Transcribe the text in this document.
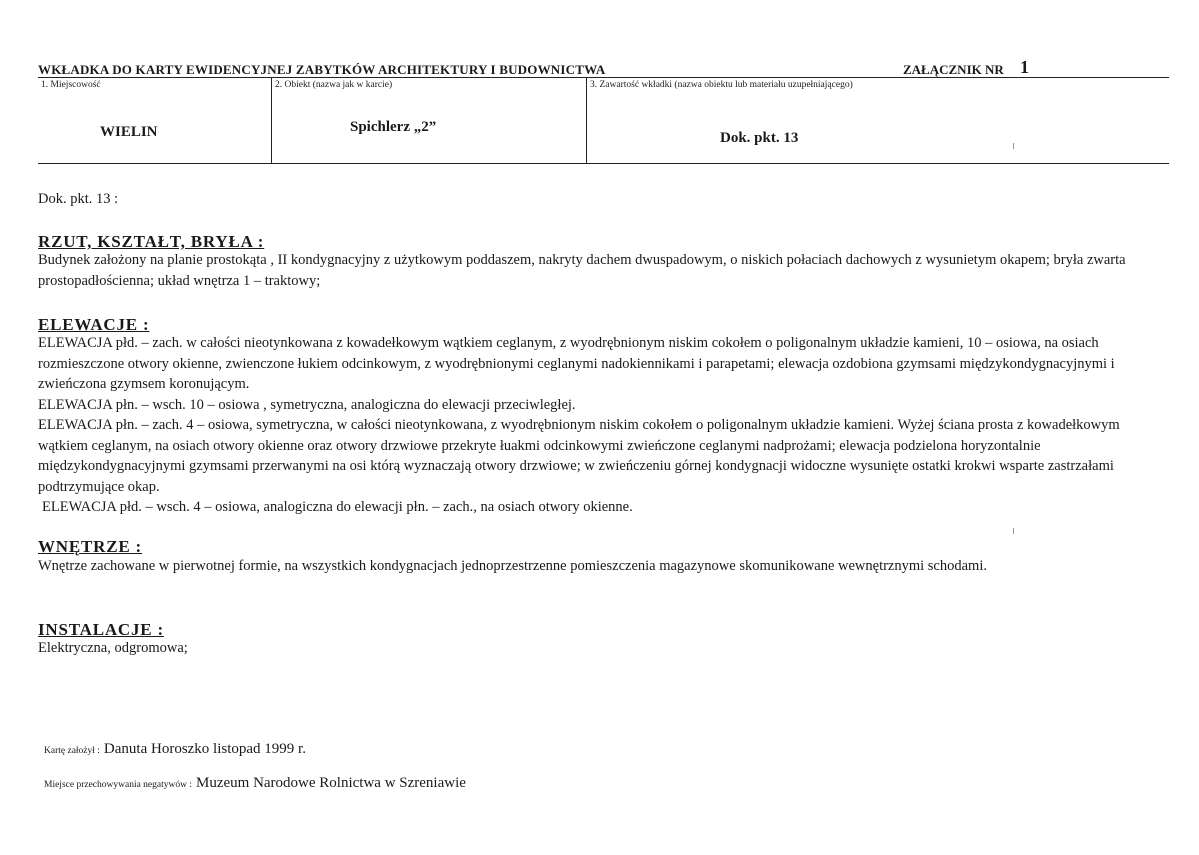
WKŁADKA DO KARTY EWIDENCYJNEJ ZABYTKÓW ARCHITEKTURY I BUDOWNICTWA	ZAŁĄCZNIK NR 1
1. Miejscowość
WIELIN
2. Obiekt (nazwa jak w karcie)
Spichlerz „2”
3. Zawartość wkładki (nazwa obiektu lub materiału uzupełniającego)
Dok. pkt. 13
Dok. pkt. 13 :
RZUT, KSZTAŁT, BRYŁA :

Budynek założony na planie prostokąta , II kondygnacyjny z użytkowym poddaszem, nakryty dachem dwuspadowym, o niskich połaciach dachowych z wysunietym okapem; bryła zwarta prostopadłościenna; układ wnętrza 1 – traktowy;

ELEWACJE :

ELEWACJA płd. – zach. w całości nieotynkowana z kowadełkowym wątkiem ceglanym, z wyodrębnionym niskim cokołem o poligonalnym układzie kamieni, 10 – osiowa, na osiach rozmieszczone otwory okienne, zwienczone łukiem odcinkowym, z wyodrębnionymi ceglanymi nadokiennikami i parapetami; elewacja ozdobiona gzymsami międzykondygnacyjnymi i zwieńczona gzymsem koronującym.

ELEWACJA płn. – wsch. 10 – osiowa , symetryczna, analogiczna do elewacji przeciwległej.

ELEWACJA płn. – zach. 4 – osiowa, symetryczna, w całości nieotynkowana, z wyodrębnionym niskim cokołem o poligonalnym układzie kamieni. Wyżej ściana prosta z kowadełkowym wątkiem ceglanym, na osiach otwory okienne oraz otwory drzwiowe przekryte łuakmi odcinkowymi zwieńczone ceglanymi nadprożami; elewacja podzielona horyzontalnie międzykondygnacyjnymi gzymsami przerwanymi na osi którą wyznaczają otwory drzwiowe; w zwieńczeniu górnej kondygnacji widoczne wysunięte ostatki krokwi wsparte zastrzałami podtrzymujące okap.

ELEWACJA płd. – wsch. 4 – osiowa, analogiczna do elewacji płn. – zach., na osiach otwory okienne.

WNĘTRZE :

Wnętrze zachowane w pierwotnej formie, na wszystkich kondygnacjach jednoprzestrzenne pomieszczenia magazynowe skomunikowane wewnętrznymi schodami.

INSTALACJE :

Elektryczna, odgromowa;

Kartę założył : Danuta Horoszko listopad 1999 r.
Miejsce przechowywania negatywów : Muzeum Narodowe Rolnictwa w Szreniawie
